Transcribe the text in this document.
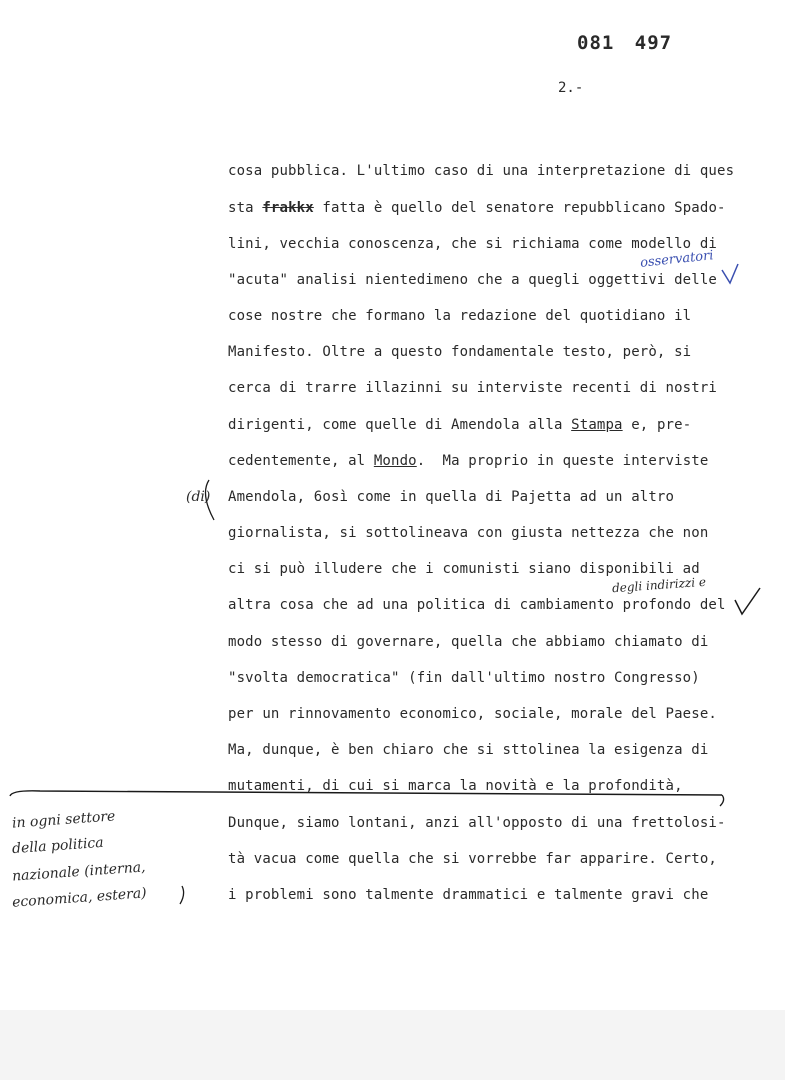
081 497
2.-
cosa pubblica. L'ultimo caso di una interpretazione di ques
sta frakkx fatta è quello del senatore repubblicano Spado-
lini, vecchia conoscenza, che si richiama come modello di
"acuta" analisi nientedimeno che a quegli oggettivi delle
cose nostre che formano la redazione del quotidiano il
Manifesto. Oltre a questo fondamentale testo, però, si
cerca di trarre illazinni su interviste recenti di nostri
dirigenti, come quelle di Amendola alla Stampa e, pre-
cedentemente, al Mondo.  Ma proprio in queste interviste
Amendola, 6osì come in quella di Pajetta ad un altro
giornalista, si sottolineava con giusta nettezza che non
ci si può illudere che i comunisti siano disponibili ad
altra cosa che ad una politica di cambiamento profondo del
modo stesso di governare, quella che abbiamo chiamato di
"svolta democratica" (fin dall'ultimo nostro Congresso)
per un rinnovamento economico, sociale, morale del Paese.
Ma, dunque, è ben chiaro che si sttolinea la esigenza di
mutamenti, di cui si marca la novità e la profondità,
Dunque, siamo lontani, anzi all'opposto di una frettolosi-
tà vacua come quella che si vorrebbe far apparire. Certo,
i problemi sono talmente drammatici e talmente gravi che
osservatori
degli indirizzi e
(di)
in ogni settore
della politica
nazionale (interna,
economica, estera)
